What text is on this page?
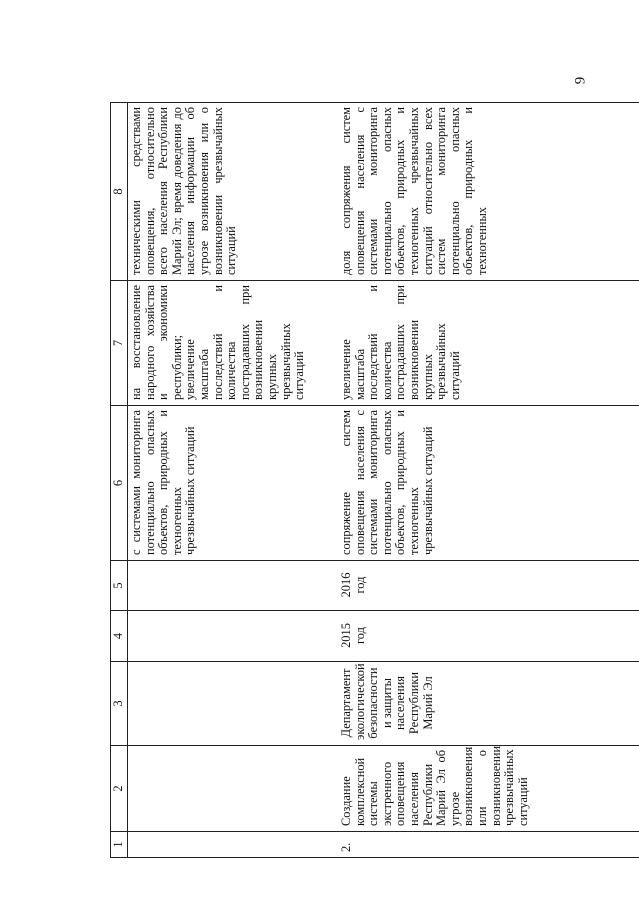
9
1	2	3	4	5	6	7	8
					с системами мониторинга потенциально опасных объектов, природных и техногенных чрезвычайных ситуаций	на восстановление народного хозяйства и экономики республики; увеличение масштаба последствий и количества пострадавших при возникновении крупных чрезвычайных ситуаций	техническими средствами оповещения, относительно всего населения Республики Марий Эл; время доведения до населения информации об угрозе возникновения или о возникновении чрезвычайных ситуаций
2.	Создание комплексной системы экстренного оповещения населения Республики Марий Эл об угрозе возникновения или о возникновении чрезвычайных ситуаций	Департамент экологической безопасности и защиты населения Республики Марий Эл	2015 год	2016 год	сопряжение систем оповещения населения с системами мониторинга потенциально опасных объектов, природных и техногенных чрезвычайных ситуаций	увеличение масштаба последствий и количества пострадавших при возникновении крупных чрезвычайных ситуаций	доля сопряжения систем оповещения населения с системами мониторинга потенциально опасных объектов, природных и техногенных чрезвычайных ситуаций относительно всех систем мониторинга потенциально опасных объектов, природных и техногенных
